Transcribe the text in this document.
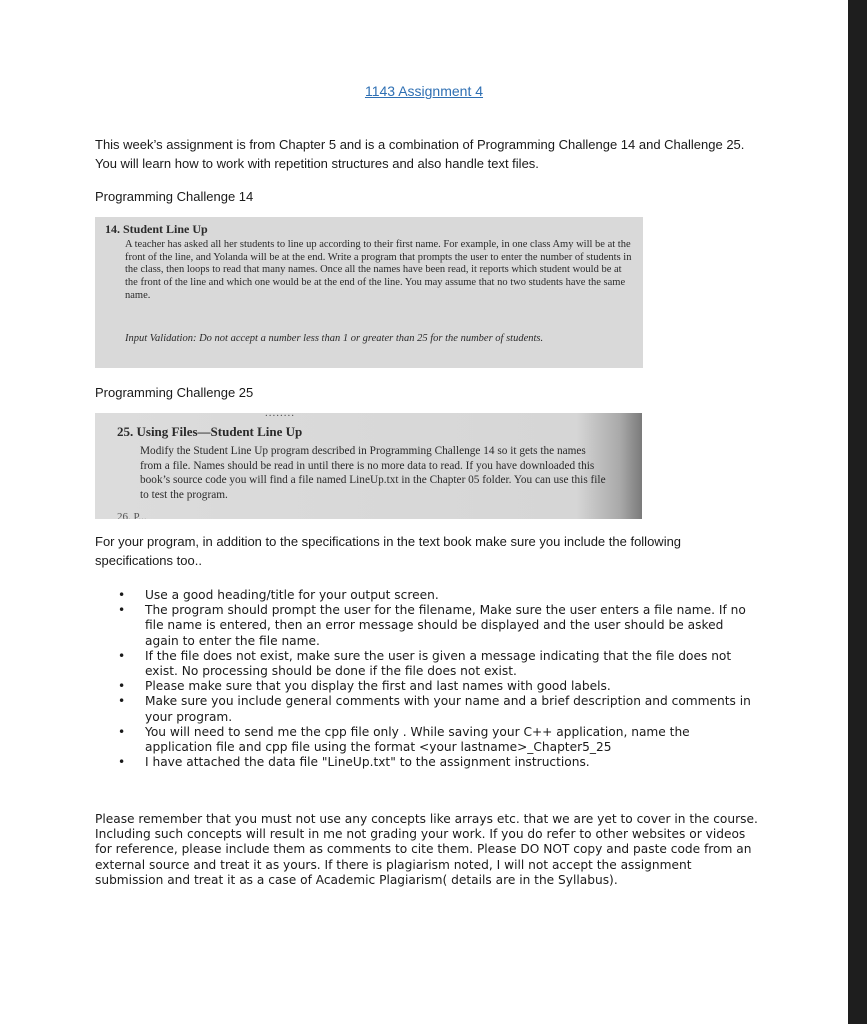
1143 Assignment 4
This week’s assignment is from Chapter 5 and is a combination of Programming Challenge 14 and Challenge 25. You will learn how to work with repetition structures and also handle text files.
Programming Challenge 14
14. Student Line Up
A teacher has asked all her students to line up according to their first name. For example, in one class Amy will be at the front of the line, and Yolanda will be at the end. Write a program that prompts the user to enter the number of students in the class, then loops to read that many names. Once all the names have been read, it reports which student would be at the front of the line and which one would be at the end of the line. You may assume that no two students have the same name.
Input Validation: Do not accept a number less than 1 or greater than 25 for the number of students.
Programming Challenge 25
........
25. Using Files—Student Line Up
Modify the Student Line Up program described in Programming Challenge 14 so it gets the names from a file. Names should be read in until there is no more data to read. If you have downloaded this book’s source code you will find a file named LineUp.txt in the Chapter 05 folder. You can use this file to test the program.
26. P...
For your program, in addition to the specifications in the text book make sure you include the following specifications too..
• Use a good heading/title for your output screen.
• The program should prompt the user for the filename, Make sure the user enters a file name. If no file name is entered, then an error message should be displayed and the user should be asked again to enter the file name.
• If the file does not exist, make sure the user is given a message indicating that the file does not exist. No processing should be done if the file does not exist.
• Please make sure that you display the first and last names with good labels.
• Make sure you include general comments with your name and a brief description and comments in your program.
• You will need to send me the cpp file only . While saving your C++ application, name the application file and cpp file using the format <your lastname>_Chapter5_25
• I have attached the data file "LineUp.txt" to the assignment instructions.
Please remember that you must not use any concepts like arrays etc. that we are yet to cover in the course. Including such concepts will result in me not grading your work. If you do refer to other websites or videos for reference, please include them as comments to cite them. Please DO NOT copy and paste code from an external source and treat it as yours. If there is plagiarism noted, I will not accept the assignment submission and treat it as a case of Academic Plagiarism( details are in the Syllabus).
